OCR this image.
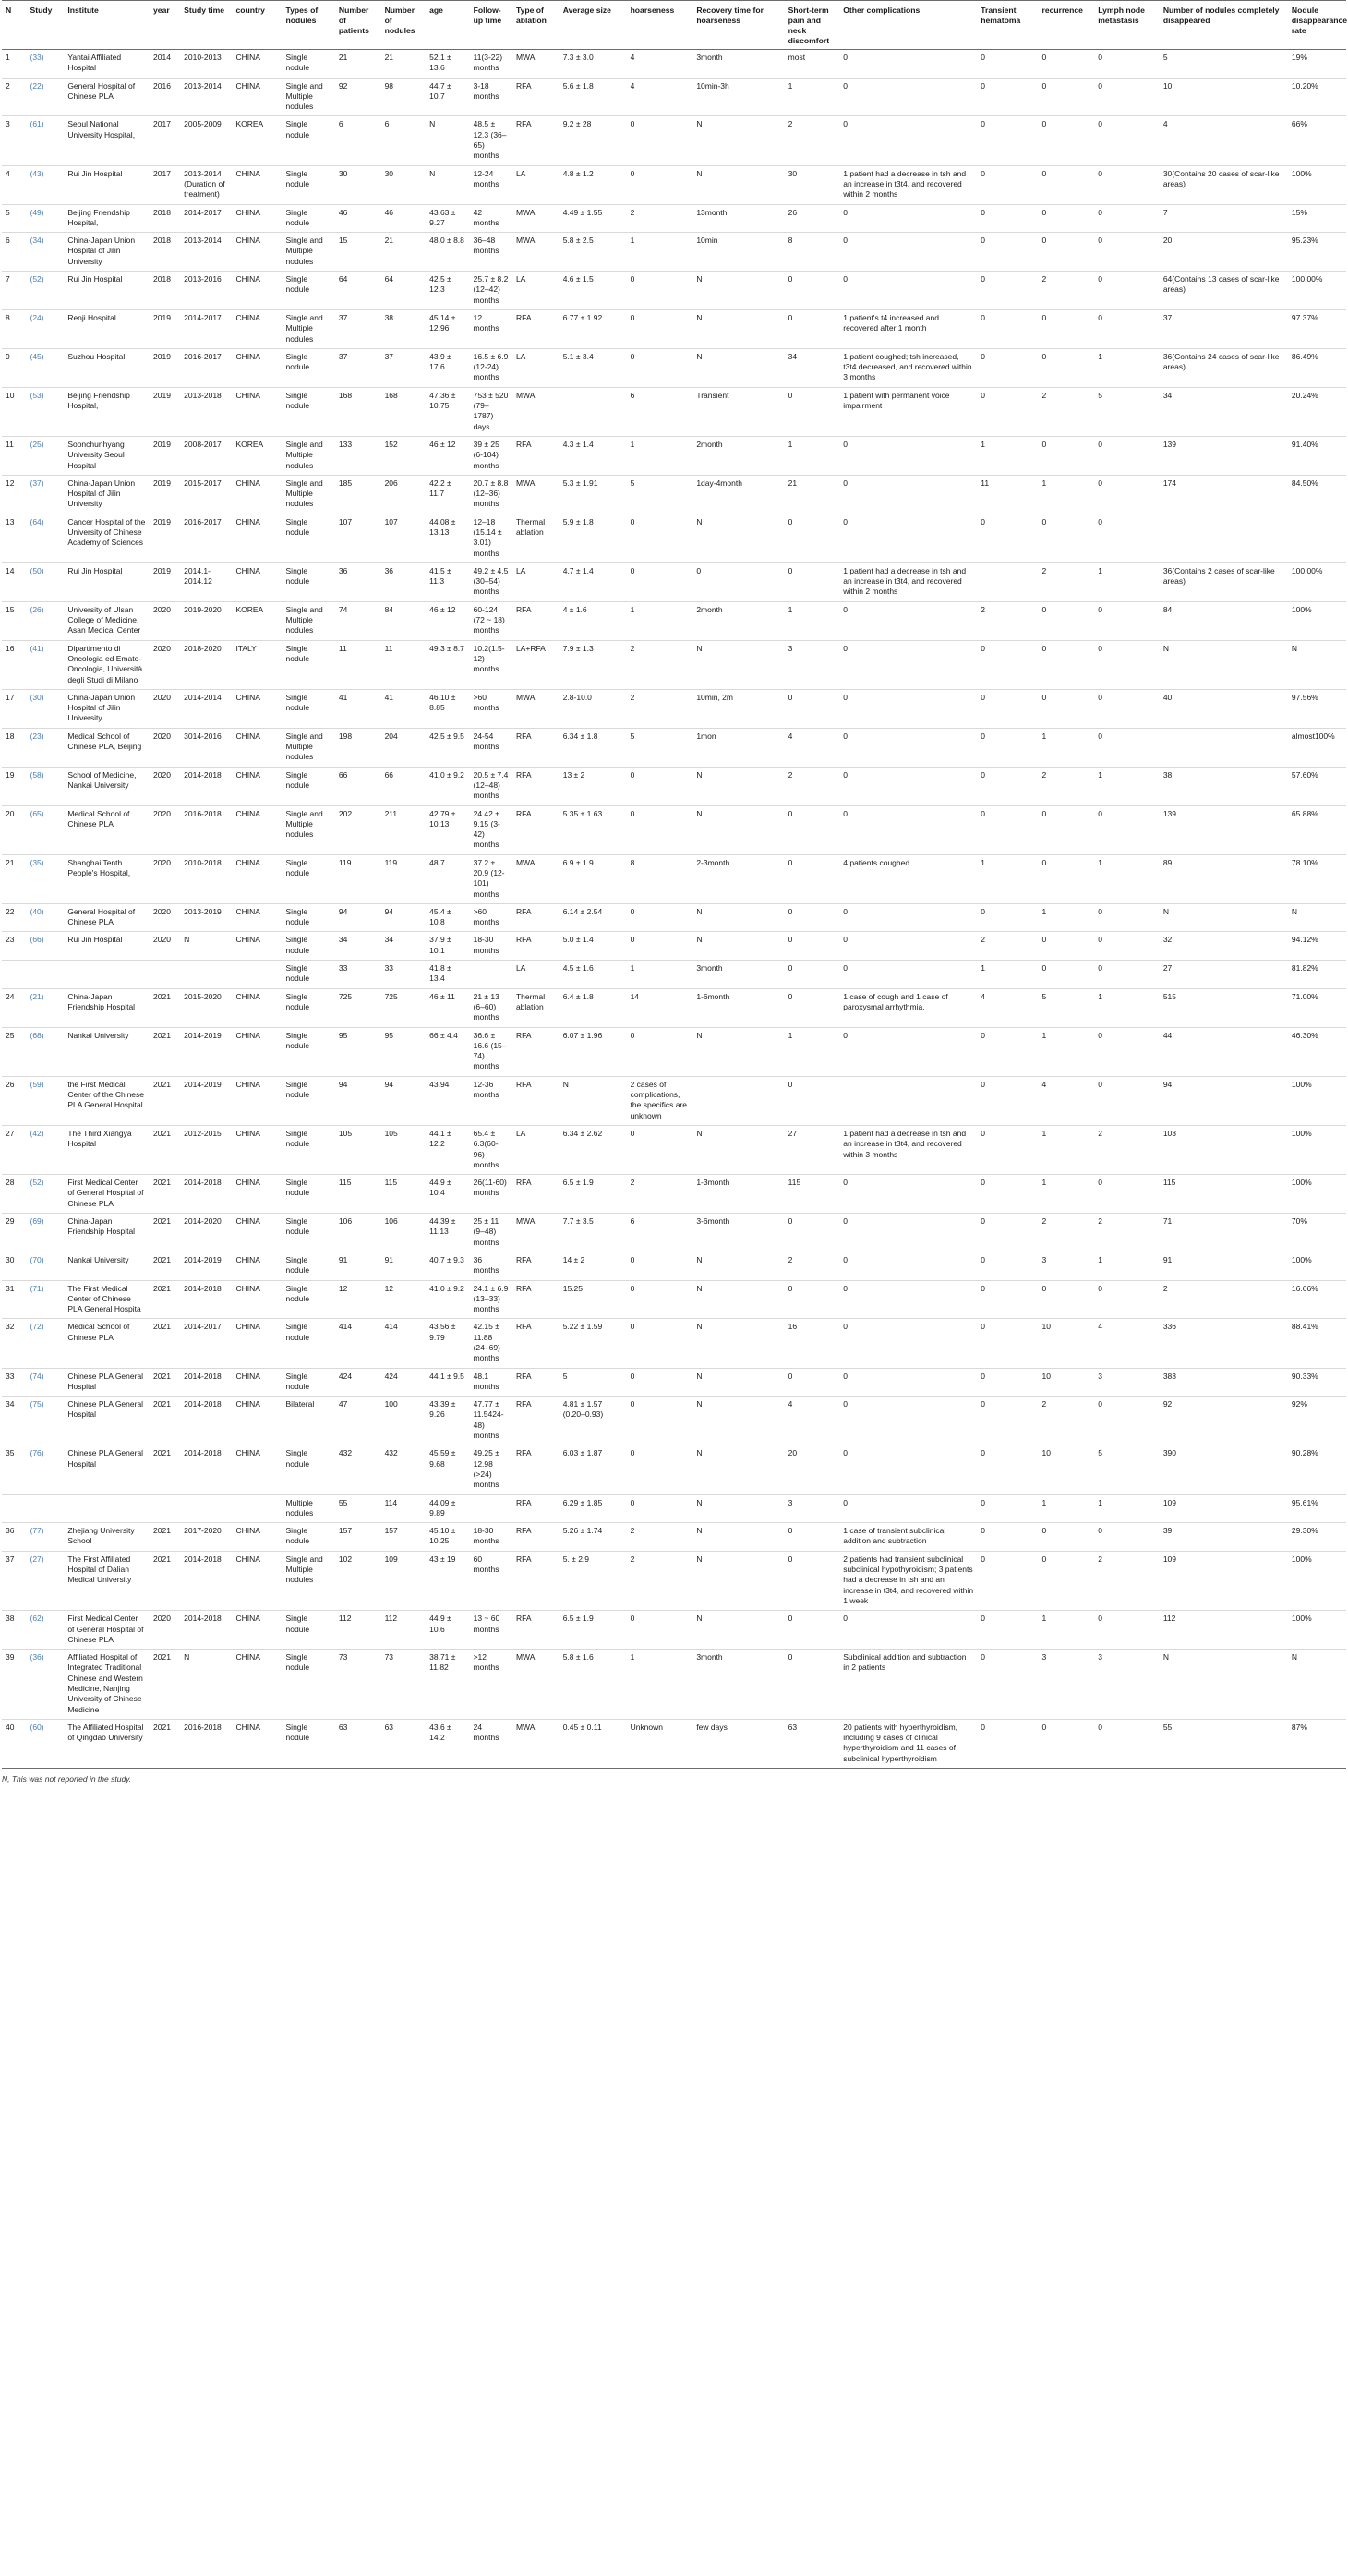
N	Study	Institute	year	Study time	country	Types of nodules	Number of patients	Number of nodules	age	Follow-up time	Type of ablation	Average size	hoarseness	Recovery time for hoarseness	Short-term pain and neck discomfort	Other complications	Transient hematoma	recurrence	Lymph node metastasis	Number of nodules completely disappeared	Nodule disappearance rate
1	(33)	Yantai Affiliated Hospital	2014	2010-2013	CHINA	Single nodule	21	21	52.1 ± 13.6	11(3-22) months	MWA	7.3 ± 3.0	4	3month	most	0	0	0	0	5	19%
2	(22)	General Hospital of Chinese PLA	2016	2013-2014	CHINA	Single and Multiple nodules	92	98	44.7 ± 10.7	3-18 months	RFA	5.6 ± 1.8	4	10min-3h	1	0	0	0	0	10	10.20%
3	(61)	Seoul National University Hospital,	2017	2005-2009	KOREA	Single nodule	6	6	N	48.5 ± 12.3 (36–65) months	RFA	9.2 ± 28	0	N	2	0	0	0	0	4	66%
4	(43)	Rui Jin Hospital	2017	2013-2014 (Duration of treatment)	CHINA	Single nodule	30	30	N	12-24 months	LA	4.8 ± 1.2	0	N	30	1 patient had a decrease in tsh and an increase in t3t4, and recovered within 2 months	0	0	0	30(Contains 20 cases of scar-like areas)	100%
5	(49)	Beijing Friendship Hospital,	2018	2014-2017	CHINA	Single nodule	46	46	43.63 ± 9.27	42 months	MWA	4.49 ± 1.55	2	13month	26	0	0	0	0	7	15%
6	(34)	China-Japan Union Hospital of Jilin University	2018	2013-2014	CHINA	Single and Multiple nodules	15	21	48.0 ± 8.8	36–48 months	MWA	5.8 ± 2.5	1	10min	8	0	0	0	0	20	95.23%
7	(52)	Rui Jin Hospital	2018	2013-2016	CHINA	Single nodule	64	64	42.5 ± 12.3	25.7 ± 8.2 (12–42) months	LA	4.6 ± 1.5	0	N	0	0	0	2	0	64(Contains 13 cases of scar-like areas)	100.00%
8	(24)	Renji Hospital	2019	2014-2017	CHINA	Single and Multiple nodules	37	38	45.14 ± 12.96	12 months	RFA	6.77 ± 1.92	0	N	0	1 patient's t4 increased and recovered after 1 month	0	0	0	37	97.37%
9	(45)	Suzhou Hospital	2019	2016-2017	CHINA	Single nodule	37	37	43.9 ± 17.6	16.5 ± 6.9 (12-24) months	LA	5.1 ± 3.4	0	N	34	1 patient coughed; tsh increased, t3t4 decreased, and recovered within 3 months	0	0	1	36(Contains 24 cases of scar-like areas)	86.49%
10	(53)	Beijing Friendship Hospital,	2019	2013-2018	CHINA	Single nodule	168	168	47.36 ± 10.75	753 ± 520 (79–1787) days	MWA		6	Transient	0	1 patient with permanent voice impairment	0	2	5	34	20.24%
11	(25)	Soonchunhyang University Seoul Hospital	2019	2008-2017	KOREA	Single and Multiple nodules	133	152	46 ± 12	39 ± 25 (6-104) months	RFA	4.3 ± 1.4	1	2month	1	0	1	0	0	139	91.40%
12	(37)	China-Japan Union Hospital of Jilin University	2019	2015-2017	CHINA	Single and Multiple nodules	185	206	42.2 ± 11.7	20.7 ± 8.8 (12–36) months	MWA	5.3 ± 1.91	5	1day-4month	21	0	11	1	0	174	84.50%
13	(64)	Cancer Hospital of the University of Chinese Academy of Sciences	2019	2016-2017	CHINA	Single nodule	107	107	44.08 ± 13.13	12–18 (15.14 ± 3.01) months	Thermal ablation	5.9 ± 1.8	0	N	0	0	0	0	0		
14	(50)	Rui Jin Hospital	2019	2014.1-2014.12	CHINA	Single nodule	36	36	41.5 ± 11.3	49.2 ± 4.5 (30–54) months	LA	4.7 ± 1.4	0	0	0	1 patient had a decrease in tsh and an increase in t3t4, and recovered within 2 months		2	1	36(Contains 2 cases of scar-like areas)	100.00%
15	(26)	University of Ulsan College of Medicine, Asan Medical Center	2020	2019-2020	KOREA	Single and Multiple nodules	74	84	46 ± 12	60-124 (72 ~ 18) months	RFA	4 ± 1.6	1	2month	1	0	2	0	0	84	100%
16	(41)	Dipartimento di Oncologia ed Emato-Oncologia, Università degli Studi di Milano	2020	2018-2020	ITALY	Single nodule	11	11	49.3 ± 8.7	10.2(1.5-12) months	LA+RFA	7.9 ± 1.3	2	N	3	0	0	0	0	N	N
17	(30)	China-Japan Union Hospital of Jilin University	2020	2014-2014	CHINA	Single nodule	41	41	46.10 ± 8.85	>60 months	MWA	2.8-10.0	2	10min, 2m	0	0	0	0	0	40	97.56%
18	(23)	Medical School of Chinese PLA, Beijing	2020	3014-2016	CHINA	Single and Multiple nodules	198	204	42.5 ± 9.5	24-54 months	RFA	6.34 ± 1.8	5	1mon	4	0	0	1	0		almost100%
19	(58)	School of Medicine, Nankai University	2020	2014-2018	CHINA	Single nodule	66	66	41.0 ± 9.2	20.5 ± 7.4 (12–48) months	RFA	13 ± 2	0	N	2	0	0	2	1	38	57.60%
20	(65)	Medical School of Chinese PLA	2020	2016-2018	CHINA	Single and Multiple nodules	202	211	42.79 ± 10.13	24.42 ± 9.15 (3-42) months	RFA	5.35 ± 1.63	0	N	0	0	0	0	0	139	65.88%
21	(35)	Shanghai Tenth People's Hospital,	2020	2010-2018	CHINA	Single nodule	119	119	48.7	37.2 ± 20.9 (12-101) months	MWA	6.9 ± 1.9	8	2-3month	0	4 patients coughed	1	0	1	89	78.10%
22	(40)	General Hospital of Chinese PLA	2020	2013-2019	CHINA	Single nodule	94	94	45.4 ± 10.8	>60 months	RFA	6.14 ± 2.54	0	N	0	0	0	1	0	N	N
23	(66)	Rui Jin Hospital	2020	N	CHINA	Single nodule	34	34	37.9 ± 10.1	18-30 months	RFA	5.0 ± 1.4	0	N	0	0	2	0	0	32	94.12%
						Single nodule	33	33	41.8 ± 13.4		LA	4.5 ± 1.6	1	3month	0	0	1	0	0	27	81.82%
24	(21)	China-Japan Friendship Hospital	2021	2015-2020	CHINA	Single nodule	725	725	46 ± 11	21 ± 13 (6–60) months	Thermal ablation	6.4 ± 1.8	14	1-6month	0	1 case of cough and 1 case of paroxysmal arrhythmia.	4	5	1	515	71.00%
25	(68)	Nankai University	2021	2014-2019	CHINA	Single nodule	95	95	66 ± 4.4	36.6 ± 16.6 (15–74) months	RFA	6.07 ± 1.96	0	N	1	0	0	1	0	44	46.30%
26	(59)	the First Medical Center of the Chinese PLA General Hospital	2021	2014-2019	CHINA	Single nodule	94	94	43.94	12-36 months	RFA	N	2 cases of complications, the specifics are unknown		0		0	4	0	94	100%
27	(42)	The Third Xiangya Hospital	2021	2012-2015	CHINA	Single nodule	105	105	44.1 ± 12.2	65.4 ± 6.3(60-96) months	LA	6.34 ± 2.62	0	N	27	1 patient had a decrease in tsh and an increase in t3t4, and recovered within 3 months	0	1	2	103	100%
28	(52)	First Medical Center of General Hospital of Chinese PLA	2021	2014-2018	CHINA	Single nodule	115	115	44.9 ± 10.4	26(11-60) months	RFA	6.5 ± 1.9	2	1-3month	115	0	0	1	0	115	100%
29	(69)	China-Japan Friendship Hospital	2021	2014-2020	CHINA	Single nodule	106	106	44.39 ± 11.13	25 ± 11 (9–48) months	MWA	7.7 ± 3.5	6	3-6month	0	0	0	2	2	71	70%
30	(70)	Nankai University	2021	2014-2019	CHINA	Single nodule	91	91	40.7 ± 9.3	36 months	RFA	14 ± 2	0	N	2	0	0	3	1	91	100%
31	(71)	The First Medical Center of Chinese PLA General Hospita	2021	2014-2018	CHINA	Single nodule	12	12	41.0 ± 9.2	24.1 ± 6.9 (13–33) months	RFA	15.25	0	N	0	0	0	0	0	2	16.66%
32	(72)	Medical School of Chinese PLA	2021	2014-2017	CHINA	Single nodule	414	414	43.56 ± 9.79	42.15 ± 11.88 (24–69) months	RFA	5.22 ± 1.59	0	N	16	0	0	10	4	336	88.41%
33	(74)	Chinese PLA General Hospital	2021	2014-2018	CHINA	Single nodule	424	424	44.1 ± 9.5	48.1 months	RFA	5	0	N	0	0	0	10	3	383	90.33%
34	(75)	Chinese PLA General Hospital	2021	2014-2018	CHINA	Bilateral	47	100	43.39 ± 9.26	47.77 ± 11.5424-48) months	RFA	4.81 ± 1.57 (0.20–0.93)	0	N	4	0	0	2	0	92	92%
35	(76)	Chinese PLA General Hospital	2021	2014-2018	CHINA	Single nodule	432	432	45.59 ± 9.68	49.25 ± 12.98 (>24) months	RFA	6.03 ± 1.87	0	N	20	0	0	10	5	390	90.28%
						Multiple nodules	55	114	44.09 ± 9.89		RFA	6.29 ± 1.85	0	N	3	0	0	1	1	109	95.61%
36	(77)	Zhejiang University School	2021	2017-2020	CHINA	Single nodule	157	157	45.10 ± 10.25	18-30 months	RFA	5.26 ± 1.74	2	N	0	1 case of transient subclinical addition and subtraction	0	0	0	39	29.30%
37	(27)	The First Affiliated Hospital of Dalian Medical University	2021	2014-2018	CHINA	Single and Multiple nodules	102	109	43 ± 19	60 months	RFA	5. ± 2.9	2	N	0	2 patients had transient subclinical subclinical hypothyroidism; 3 patients had a decrease in tsh and an increase in t3t4, and recovered within 1 week	0	0	2	109	100%
38	(62)	First Medical Center of General Hospital of Chinese PLA	2020	2014-2018	CHINA	Single nodule	112	112	44.9 ± 10.6	13 ~ 60 months	RFA	6.5 ± 1.9	0	N	0	0	0	1	0	112	100%
39	(36)	Affiliated Hospital of Integrated Traditional Chinese and Western Medicine, Nanjing University of Chinese Medicine	2021	N	CHINA	Single nodule	73	73	38.71 ± 11.82	>12 months	MWA	5.8 ± 1.6	1	3month	0	Subclinical addition and subtraction in 2 patients	0	3	3	N	N
40	(60)	The Affiliated Hospital of Qingdao University	2021	2016-2018	CHINA	Single nodule	63	63	43.6 ± 14.2	24 months	MWA	0.45 ± 0.11	Unknown	few days	63	20 patients with hyperthyroidism, including 9 cases of clinical hyperthyroidism and 11 cases of subclinical hyperthyroidism	0	0	0	55	87%
N, This was not reported in the study.
